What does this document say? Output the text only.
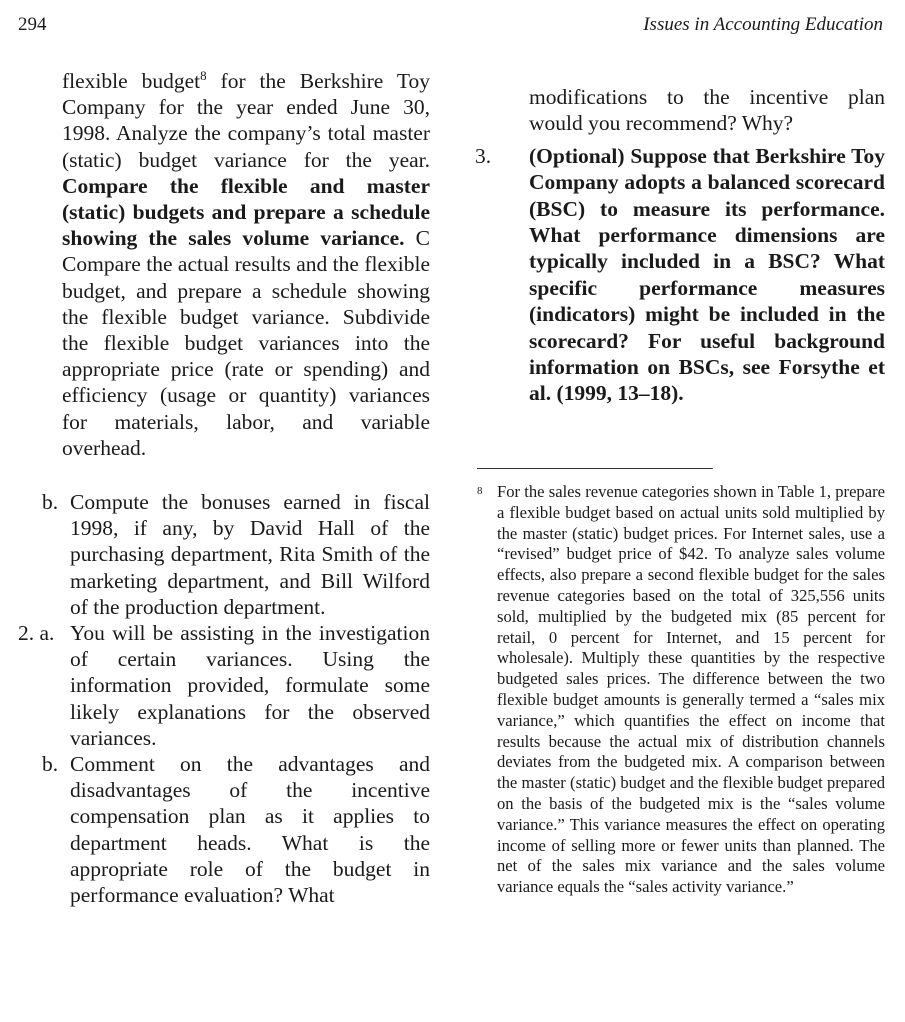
294	Issues in Accounting Education
flexible budget$^8$ for the Berkshire Toy Company for the year ended June 30, 1998. Analyze the company’s total master (static) budget variance for the year. Compare the flexible and master (static) budgets and prepare a schedule showing the sales volume variance. C Compare the actual results and the flexible budget, and prepare a schedule showing the flexible budget variance. Subdivide the flexible budget variances into the appropriate price (rate or spending) and efficiency (usage or quantity) variances for materials, labor, and variable overhead.
b. Compute the bonuses earned in fiscal 1998, if any, by David Hall of the purchasing department, Rita Smith of the marketing department, and Bill Wilford of the production department.
2. a. You will be assisting in the investigation of certain variances. Using the information provided, formulate some likely explanations for the observed variances.
b. Comment on the advantages and disadvantages of the incentive compensation plan as it applies to department heads. What is the appropriate role of the budget in performance evaluation? What
modifications to the incentive plan would you recommend? Why?
3.	(Optional) Suppose that Berkshire Toy Company adopts a balanced scorecard (BSC) to measure its performance. What performance dimensions are typically included in a BSC? What specific performance measures (indicators) might be included in the scorecard? For useful background information on BSCs, see Forsythe et al. (1999, 13–18).
8 For the sales revenue categories shown in Table 1, prepare a flexible budget based on actual units sold multiplied by the master (static) budget prices. For Internet sales, use a “revised” budget price of $42. To analyze sales volume effects, also prepare a second flexible budget for the sales revenue categories based on the total of 325,556 units sold, multiplied by the budgeted mix (85 percent for retail, 0 percent for Internet, and 15 percent for wholesale). Multiply these quantities by the respective budgeted sales prices. The difference between the two flexible budget amounts is generally termed a “sales mix variance,” which quantifies the effect on income that results because the actual mix of distribution channels deviates from the budgeted mix. A comparison between the master (static) budget and the flexible budget prepared on the basis of the budgeted mix is the “sales volume variance.” This variance measures the effect on operating income of selling more or fewer units than planned. The net of the sales mix variance and the sales volume variance equals the “sales activity variance.”
